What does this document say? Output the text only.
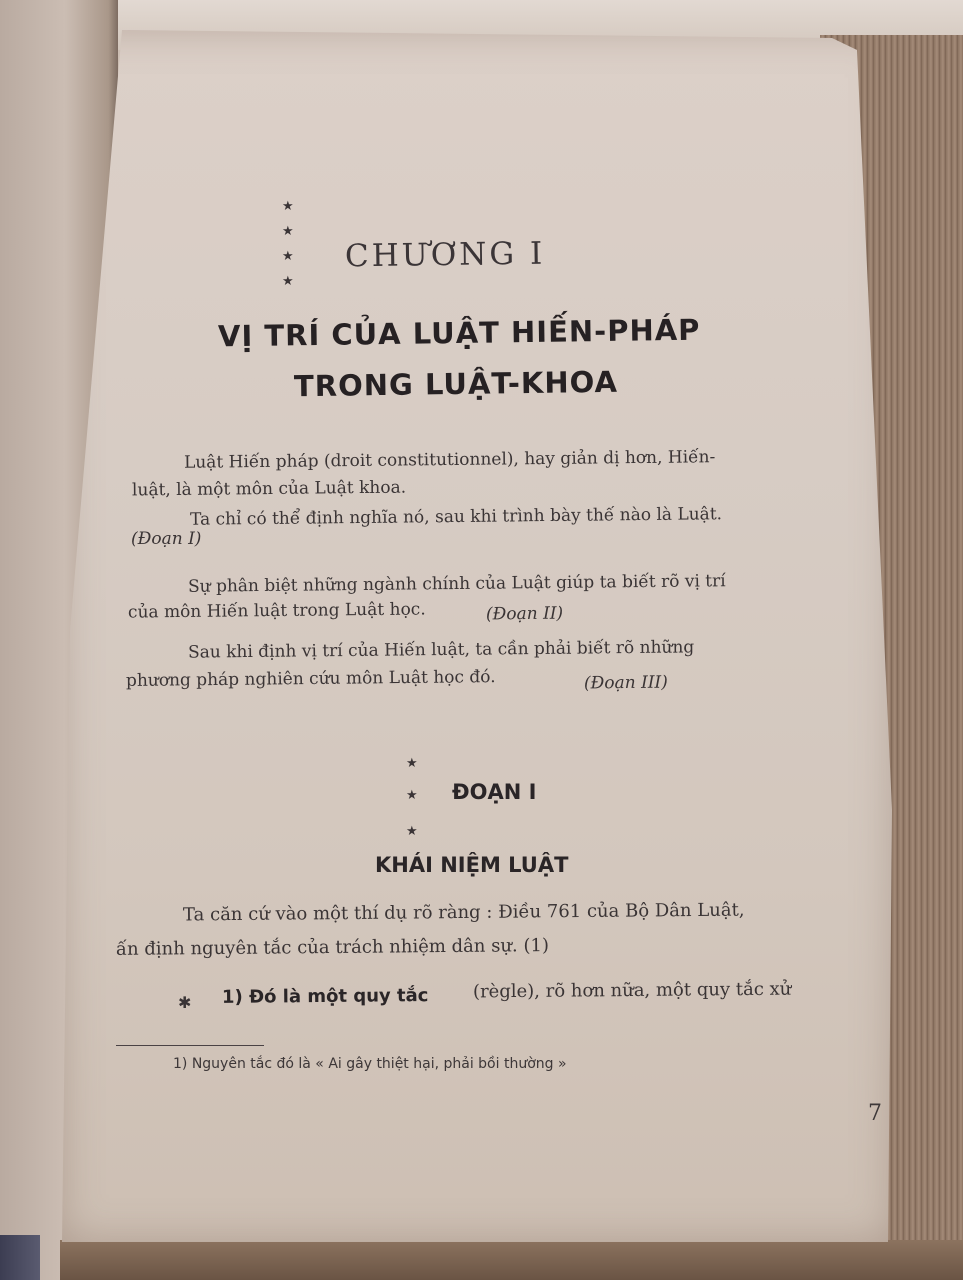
★
★
★
★
CHƯƠNG I
VỊ TRÍ CỦA LUẬT HIẾN-PHÁP
TRONG LUẬT-KHOA
Luật Hiến pháp (droit constitutionnel), hay giản dị hơn, Hiến-
luật, là một môn của Luật khoa.
Ta chỉ có thể định nghĩa nó, sau khi trình bày thế nào là Luật.
(Đoạn I)
Sự phân biệt những ngành chính của Luật giúp ta biết rõ vị trí
của môn Hiến luật trong Luật học.	(Đoạn II)
Sau khi định vị trí của Hiến luật, ta cần phải biết rõ những
phương pháp nghiên cứu môn Luật học đó.	(Đoạn III)
★
★
★
ĐOẠN I
KHÁI NIỆM LUẬT
Ta căn cứ vào một thí dụ rõ ràng : Điều 761 của Bộ Dân Luật,
ấn định nguyên tắc của trách nhiệm dân sự. (1)
✱ 1) Đó là một quy tắc (règle), rõ hơn nữa, một quy tắc xử
1) Nguyên tắc đó là « Ai gây thiệt hại, phải bồi thường »
7
